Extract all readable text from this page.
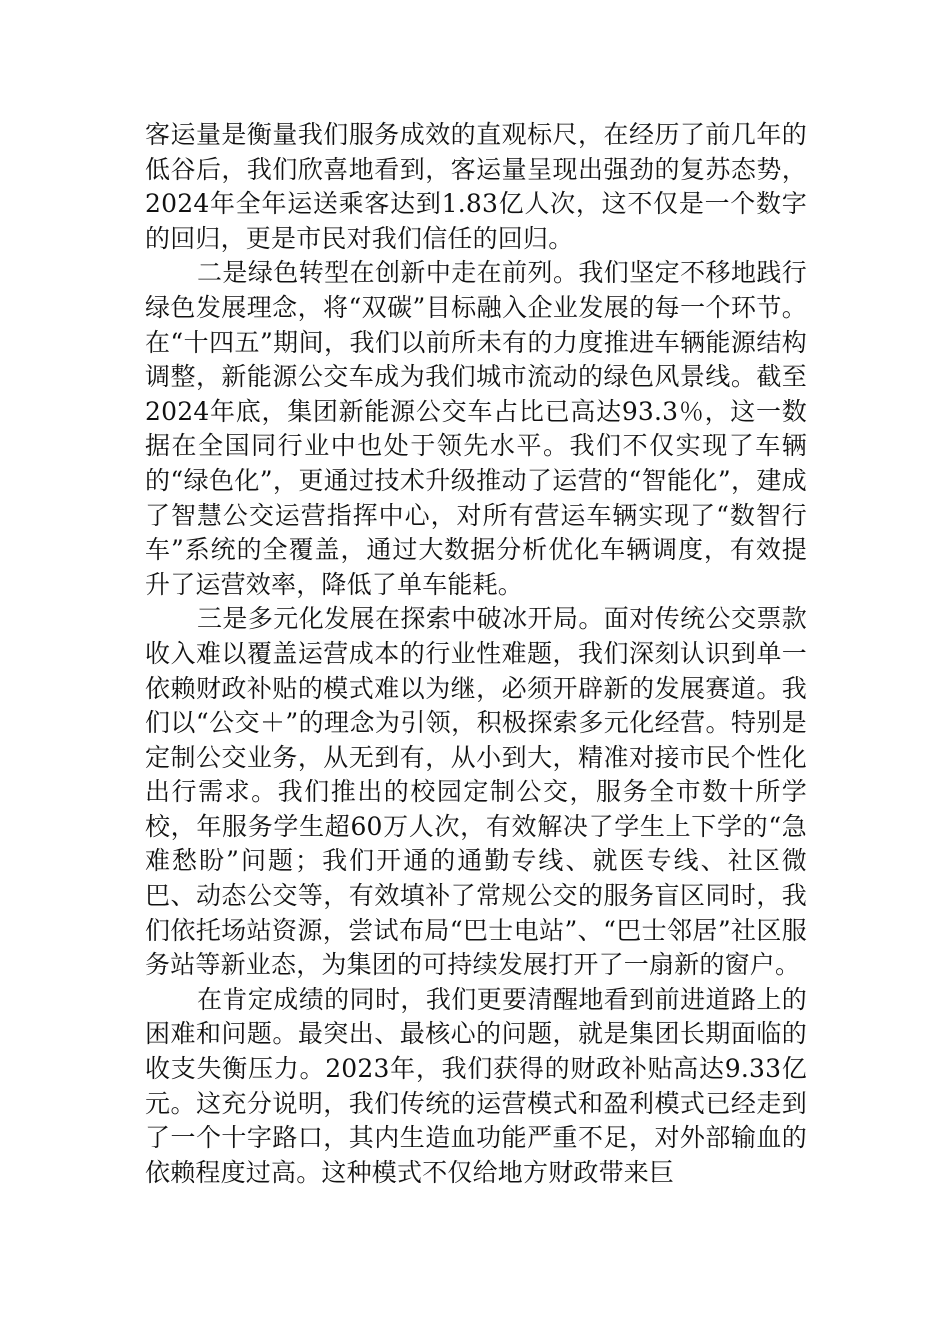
客运量是衡量我们服务成效的直观标尺，在经历了前几年的低谷后，我们欣喜地看到，客运量呈现出强劲的复苏态势，2024年全年运送乘客达到1.83亿人次，这不仅是一个数字的回归，更是市民对我们信任的回归。

二是绿色转型在创新中走在前列。我们坚定不移地践行绿色发展理念，将“双碳”目标融入企业发展的每一个环节。在“十四五”期间，我们以前所未有的力度推进车辆能源结构调整，新能源公交车成为我们城市流动的绿色风景线。截至2024年底，集团新能源公交车占比已高达93.3％，这一数据在全国同行业中也处于领先水平。我们不仅实现了车辆的“绿色化”，更通过技术升级推动了运营的“智能化”，建成了智慧公交运营指挥中心，对所有营运车辆实现了“数智行车”系统的全覆盖，通过大数据分析优化车辆调度，有效提升了运营效率，降低了单车能耗。

三是多元化发展在探索中破冰开局。面对传统公交票款收入难以覆盖运营成本的行业性难题，我们深刻认识到单一依赖财政补贴的模式难以为继，必须开辟新的发展赛道。我们以“公交＋”的理念为引领，积极探索多元化经营。特别是定制公交业务，从无到有，从小到大，精准对接市民个性化出行需求。我们推出的校园定制公交，服务全市数十所学校，年服务学生超60万人次，有效解决了学生上下学的“急难愁盼”问题；我们开通的通勤专线、就医专线、社区微巴、动态公交等，有效填补了常规公交的服务盲区同时，我们依托场站资源，尝试布局“巴士电站”、“巴士邻居”社区服务站等新业态，为集团的可持续发展打开了一扇新的窗户。

在肯定成绩的同时，我们更要清醒地看到前进道路上的困难和问题。最突出、最核心的问题，就是集团长期面临的收支失衡压力。2023年，我们获得的财政补贴高达9.33亿元。这充分说明，我们传统的运营模式和盈利模式已经走到了一个十字路口，其内生造血功能严重不足，对外部输血的依赖程度过高。这种模式不仅给地方财政带来巨
